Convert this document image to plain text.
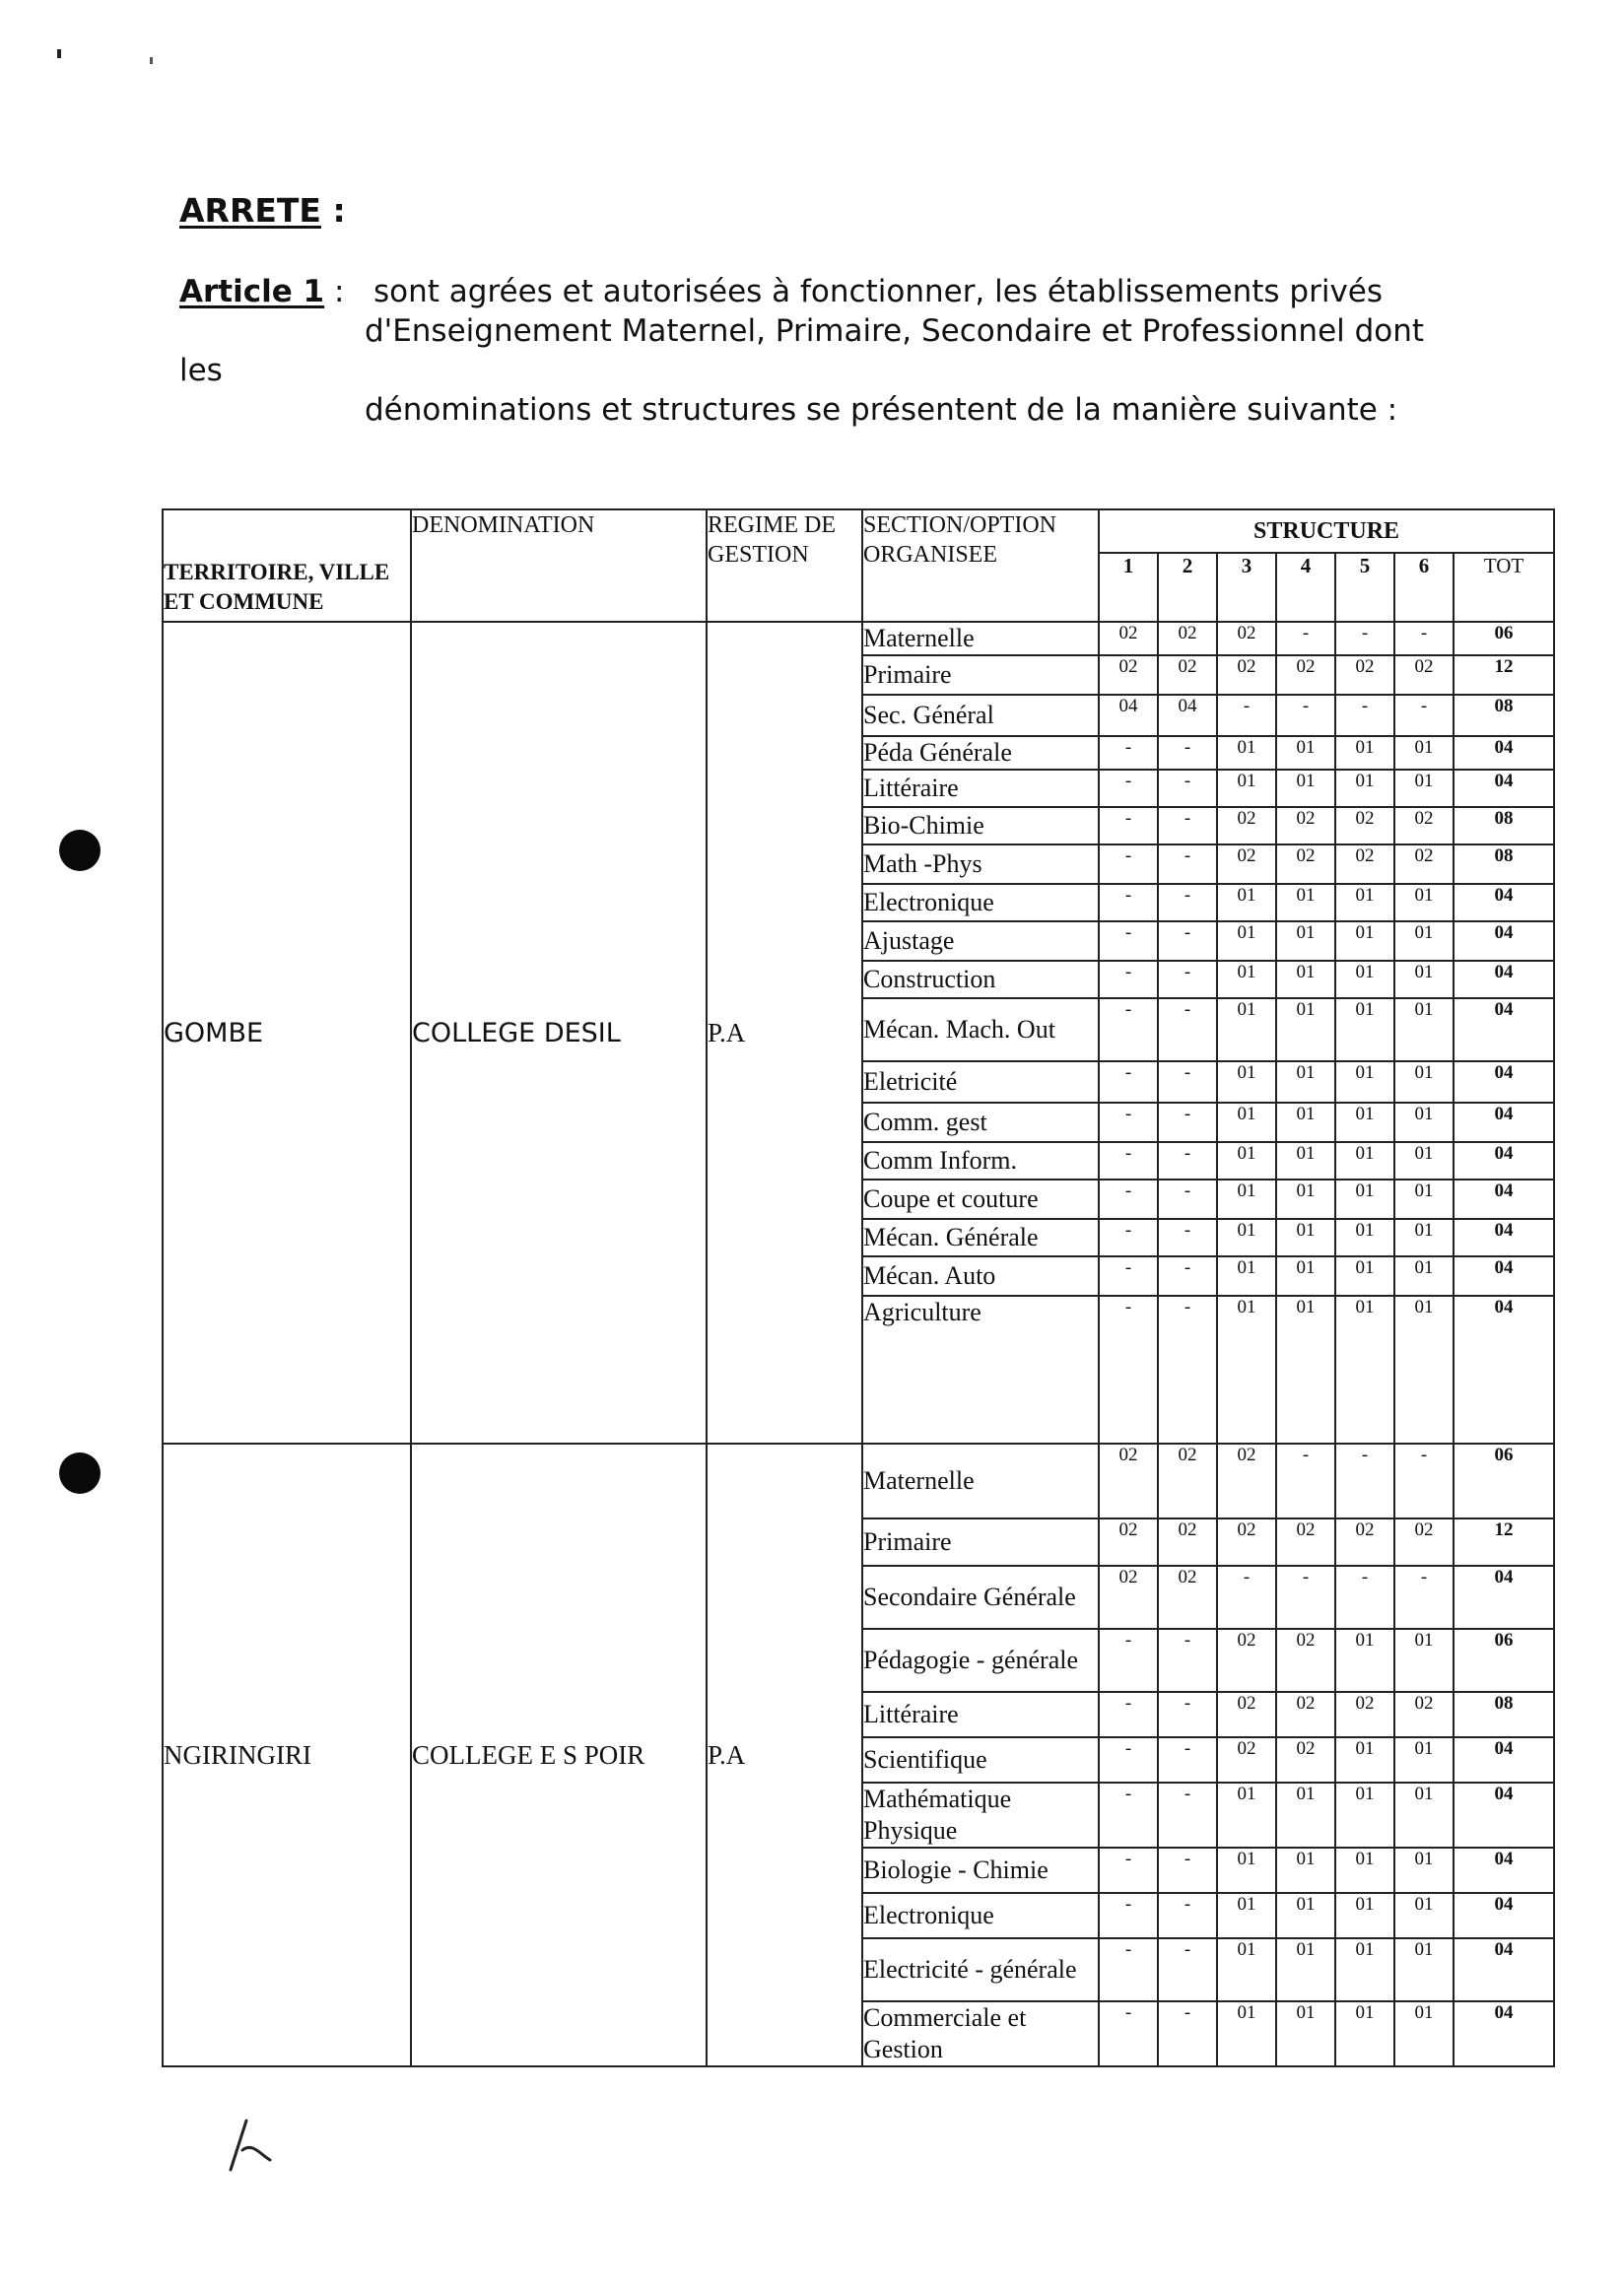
ARRETE :
Article 1 : sont agrées et autorisées à fonctionner, les établissements privés
d'Enseignement Maternel, Primaire, Secondaire et Professionnel dont
les
dénominations et structures se présentent de la manière suivante :
TERRITOIRE, VILLE ET COMMUNE	DENOMINATION	REGIME DE GESTION	SECTION/OPTION ORGANISEE	STRUCTURE						
				1	2	3	4	5	6	TOT
GOMBE	COLLEGE DESIL	P.A	Maternelle	02	02	02	-	-	-	06
			Primaire	02	02	02	02	02	02	12
			Sec. Général	04	04	-	-	-	-	08
			Péda Générale	-	-	01	01	01	01	04
			Littéraire	-	-	01	01	01	01	04
			Bio-Chimie	-	-	02	02	02	02	08
			Math -Phys	-	-	02	02	02	02	08
			Electronique	-	-	01	01	01	01	04
			Ajustage	-	-	01	01	01	01	04
			Construction	-	-	01	01	01	01	04
			Mécan. Mach. Out	-	-	01	01	01	01	04
			Eletricité	-	-	01	01	01	01	04
			Comm. gest	-	-	01	01	01	01	04
			Comm Inform.	-	-	01	01	01	01	04
			Coupe et couture	-	-	01	01	01	01	04
			Mécan. Générale	-	-	01	01	01	01	04
			Mécan. Auto	-	-	01	01	01	01	04
			Agriculture	-	-	01	01	01	01	04
NGIRINGIRI	COLLEGE E S POIR	P.A	Maternelle	02	02	02	-	-	-	06
			Primaire	02	02	02	02	02	02	12
			Secondaire Générale	02	02	-	-	-	-	04
			Pédagogie - générale	-	-	02	02	01	01	06
			Littéraire	-	-	02	02	02	02	08
			Scientifique	-	-	02	02	01	01	04
			Mathématique Physique	-	-	01	01	01	01	04
			Biologie - Chimie	-	-	01	01	01	01	04
			Electronique	-	-	01	01	01	01	04
			Electricité - générale	-	-	01	01	01	01	04
			Commerciale et Gestion	-	-	01	01	01	01	04
